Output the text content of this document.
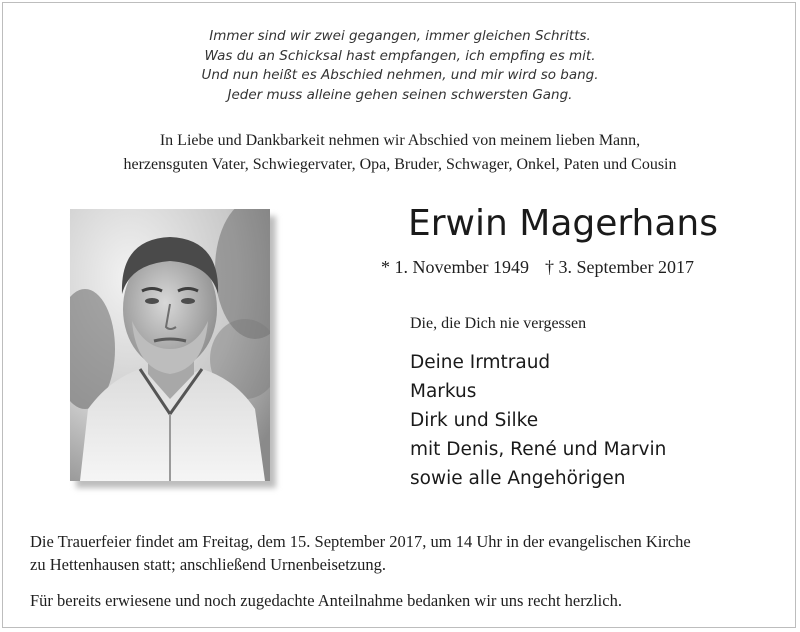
Immer sind wir zwei gegangen, immer gleichen Schritts.
Was du an Schicksal hast empfangen, ich empfing es mit.
Und nun heißt es Abschied nehmen, und mir wird so bang.
Jeder muss alleine gehen seinen schwersten Gang.
In Liebe und Dankbarkeit nehmen wir Abschied von meinem lieben Mann,
herzensguten Vater, Schwiegervater, Opa, Bruder, Schwager, Onkel, Paten und Cousin
Erwin Magerhans
* 1. November 1949 † 3. September 2017
Die, die Dich nie vergessen
Deine Irmtraud
Markus
Dirk und Silke
mit Denis, René und Marvin
sowie alle Angehörigen
Die Trauerfeier findet am Freitag, dem 15. September 2017, um 14 Uhr in der evangelischen Kirche
zu Hettenhausen statt; anschließend Urnenbeisetzung.
Für bereits erwiesene und noch zugedachte Anteilnahme bedanken wir uns recht herzlich.
